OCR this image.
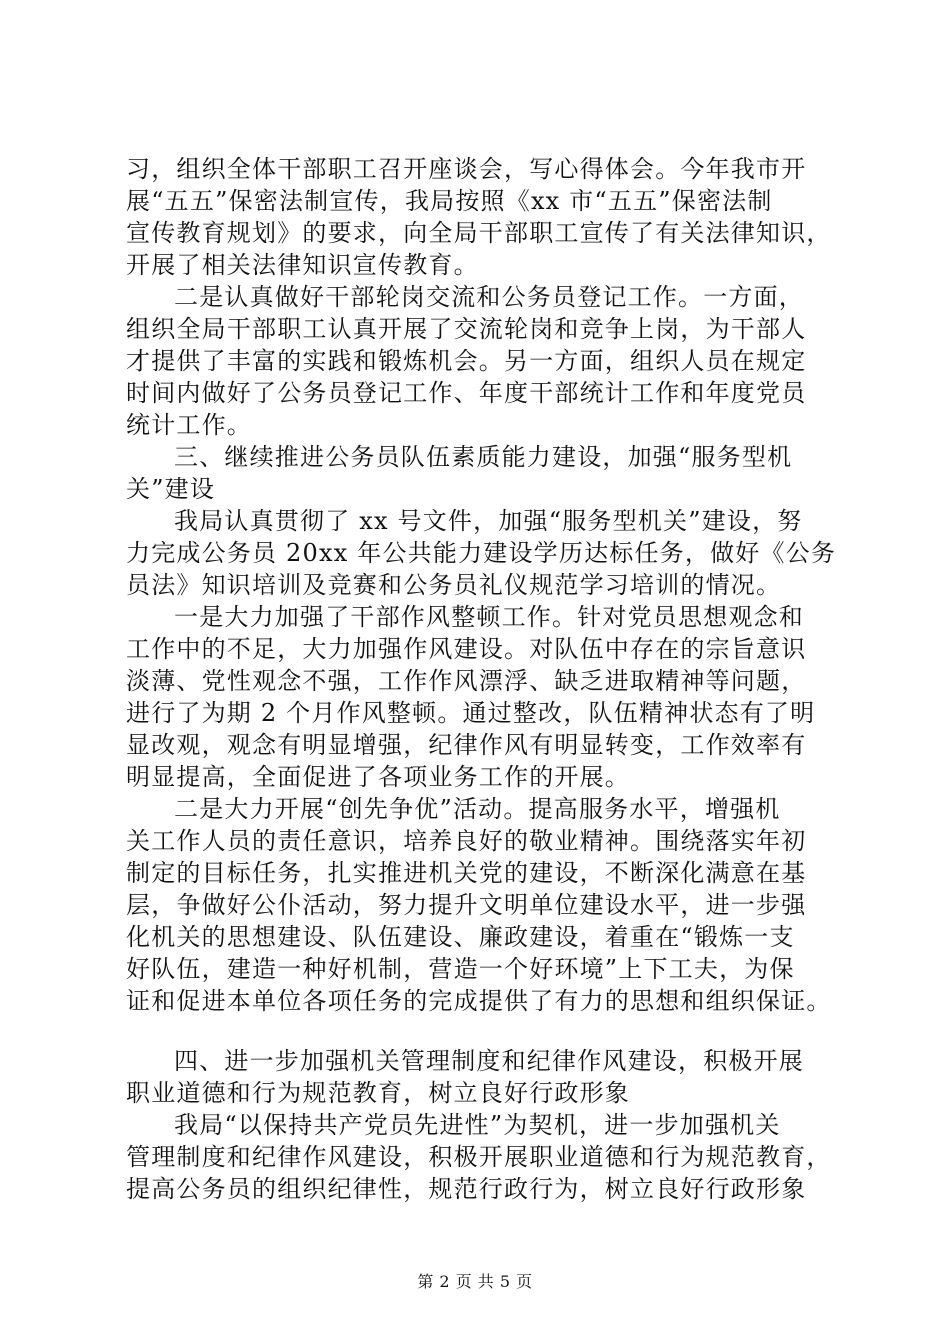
习，组织全体干部职工召开座谈会，写心得体会。今年我市开
展“五五”保密法制宣传，我局按照《xx 市“五五”保密法制
宣传教育规划》的要求，向全局干部职工宣传了有关法律知识，
开展了相关法律知识宣传教育。
二是认真做好干部轮岗交流和公务员登记工作。一方面，
组织全局干部职工认真开展了交流轮岗和竞争上岗，为干部人
才提供了丰富的实践和锻炼机会。另一方面，组织人员在规定
时间内做好了公务员登记工作、年度干部统计工作和年度党员
统计工作。
三、继续推进公务员队伍素质能力建设，加强“服务型机
关”建设
我局认真贯彻了 xx 号文件，加强“服务型机关”建设，努
力完成公务员 20xx 年公共能力建设学历达标任务，做好《公务
员法》知识培训及竞赛和公务员礼仪规范学习培训的情况。
一是大力加强了干部作风整顿工作。针对党员思想观念和
工作中的不足，大力加强作风建设。对队伍中存在的宗旨意识
淡薄、党性观念不强，工作作风漂浮、缺乏进取精神等问题，
进行了为期 2 个月作风整顿。通过整改，队伍精神状态有了明
显改观，观念有明显增强，纪律作风有明显转变，工作效率有
明显提高，全面促进了各项业务工作的开展。
二是大力开展“创先争优”活动。提高服务水平，增强机
关工作人员的责任意识，培养良好的敬业精神。围绕落实年初
制定的目标任务，扎实推进机关党的建设，不断深化满意在基
层，争做好公仆活动，努力提升文明单位建设水平，进一步强
化机关的思想建设、队伍建设、廉政建设，着重在“锻炼一支
好队伍，建造一种好机制，营造一个好环境”上下工夫，为保
证和促进本单位各项任务的完成提供了有力的思想和组织保证。
四、进一步加强机关管理制度和纪律作风建设，积极开展
职业道德和行为规范教育，树立良好行政形象
我局“以保持共产党员先进性”为契机，进一步加强机关
管理制度和纪律作风建设，积极开展职业道德和行为规范教育，
提高公务员的组织纪律性，规范行政行为，树立良好行政形象
第 2 页 共 5 页
